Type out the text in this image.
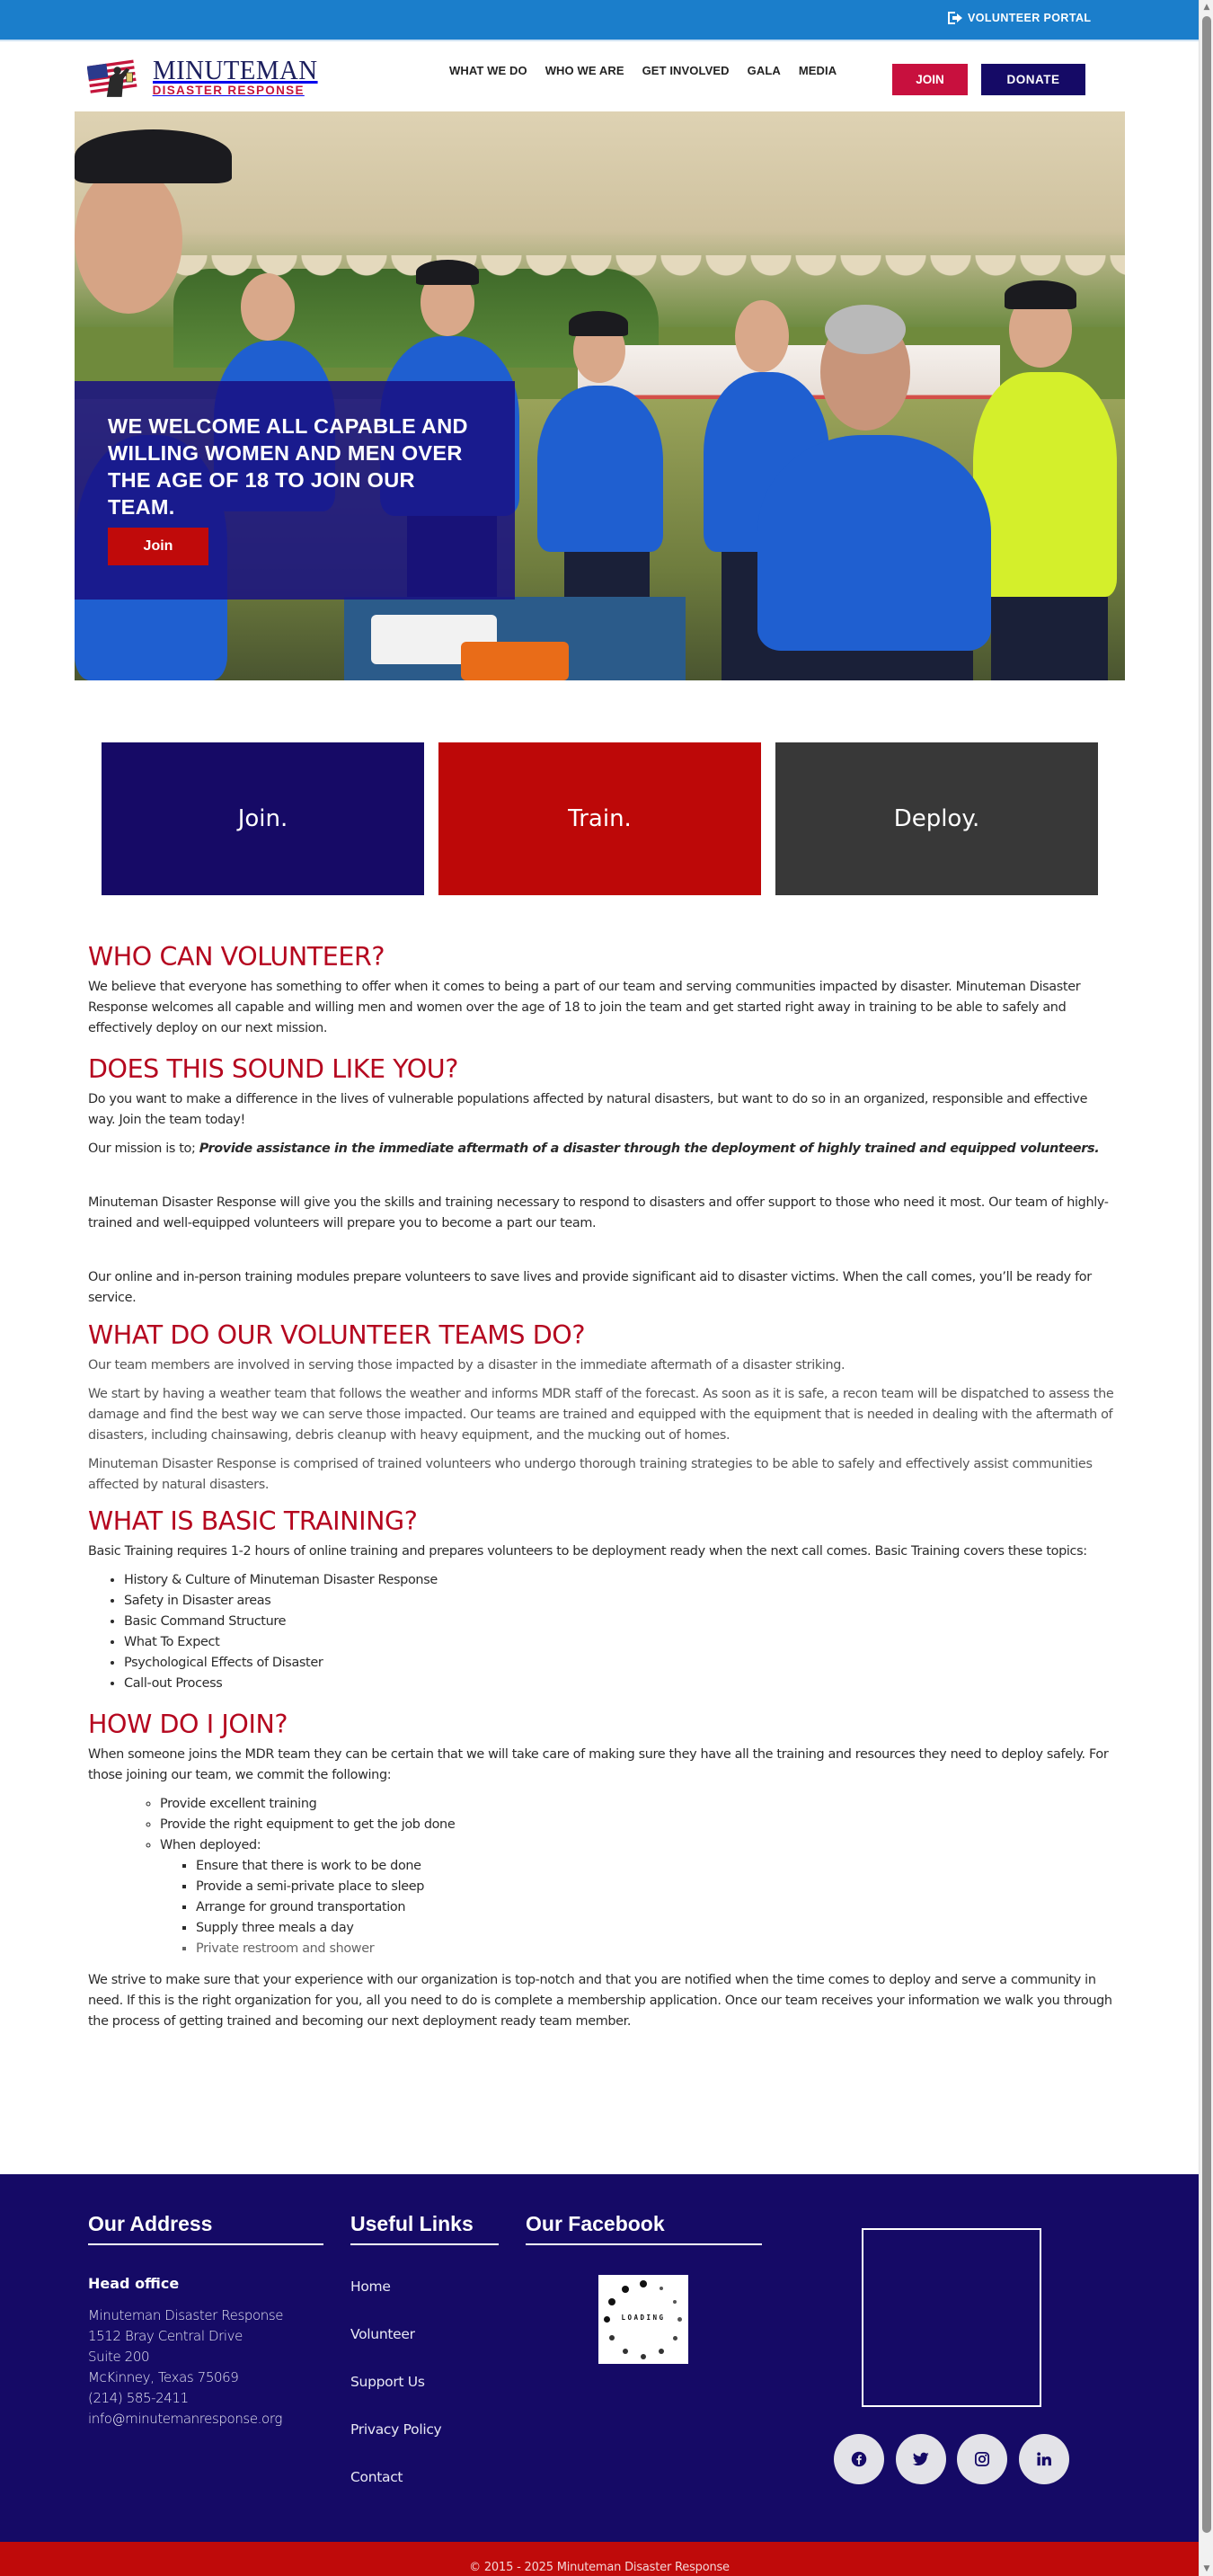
VOLUNTEER PORTAL
MINUTEMAN
DISASTER RESPONSE
WHAT WE DO WHO WE ARE GET INVOLVED GALA MEDIA
JOIN	DONATE
WE WELCOME ALL CAPABLE AND WILLING WOMEN AND MEN OVER THE AGE OF 18 TO JOIN OUR TEAM.
Join
Join.	Train.	Deploy.
WHO CAN VOLUNTEER?

We believe that everyone has something to offer when it comes to being a part of our team and serving communities impacted by disaster. Minuteman Disaster Response welcomes all capable and willing men and women over the age of 18 to join the team and get started right away in training to be able to safely and effectively deploy on our next mission.

DOES THIS SOUND LIKE YOU?

Do you want to make a difference in the lives of vulnerable populations affected by natural disasters, but want to do so in an organized, responsible and effective way. Join the team today!

Our mission is to; Provide assistance in the immediate aftermath of a disaster through the deployment of highly trained and equipped volunteers.

Minuteman Disaster Response will give you the skills and training necessary to respond to disasters and offer support to those who need it most. Our team of highly-trained and well-equipped volunteers will prepare you to become a part our team.

Our online and in-person training modules prepare volunteers to save lives and provide significant aid to disaster victims. When the call comes, you’ll be ready for service.

WHAT DO OUR VOLUNTEER TEAMS DO?

Our team members are involved in serving those impacted by a disaster in the immediate aftermath of a disaster striking.

We start by having a weather team that follows the weather and informs MDR staff of the forecast. As soon as it is safe, a recon team will be dispatched to assess the damage and find the best way we can serve those impacted. Our teams are trained and equipped with the equipment that is needed in dealing with the aftermath of disasters, including chainsawing, debris cleanup with heavy equipment, and the mucking out of homes.

Minuteman Disaster Response is comprised of trained volunteers who undergo thorough training strategies to be able to safely and effectively assist communities affected by natural disasters.

WHAT IS BASIC TRAINING?

Basic Training requires 1-2 hours of online training and prepares volunteers to be deployment ready when the next call comes. Basic Training covers these topics:

• History & Culture of Minuteman Disaster Response
• Safety in Disaster areas
• Basic Command Structure
• What To Expect
• Psychological Effects of Disaster
• Call-out Process
HOW DO I JOIN?

When someone joins the MDR team they can be certain that we will take care of making sure they have all the training and resources they need to deploy safely. For those joining our team, we commit the following:

◦ Provide excellent training
◦ Provide the right equipment to get the job done
◦ When deployed:
▪ Ensure that there is work to be done
▪ Provide a semi-private place to sleep
▪ Arrange for ground transportation
▪ Supply three meals a day
▪ Private restroom and shower

We strive to make sure that your experience with our organization is top-notch and that you are notified when the time comes to deploy and serve a community in need. If this is the right organization for you, all you need to do is complete a membership application. Once our team receives your information we walk you through the process of getting trained and becoming our next deployment ready team member.

Our Address	Useful Links	Our Facebook
Head office
Minuteman Disaster Response
1512 Bray Central Drive
Suite 200
McKinney, Texas 75069
(214) 585-2411
info@minutemanresponse.org
Home
Volunteer
Support Us
Privacy Policy
Contact
LOADING
© 2015 - 2025 Minuteman Disaster Response
▲
▼
